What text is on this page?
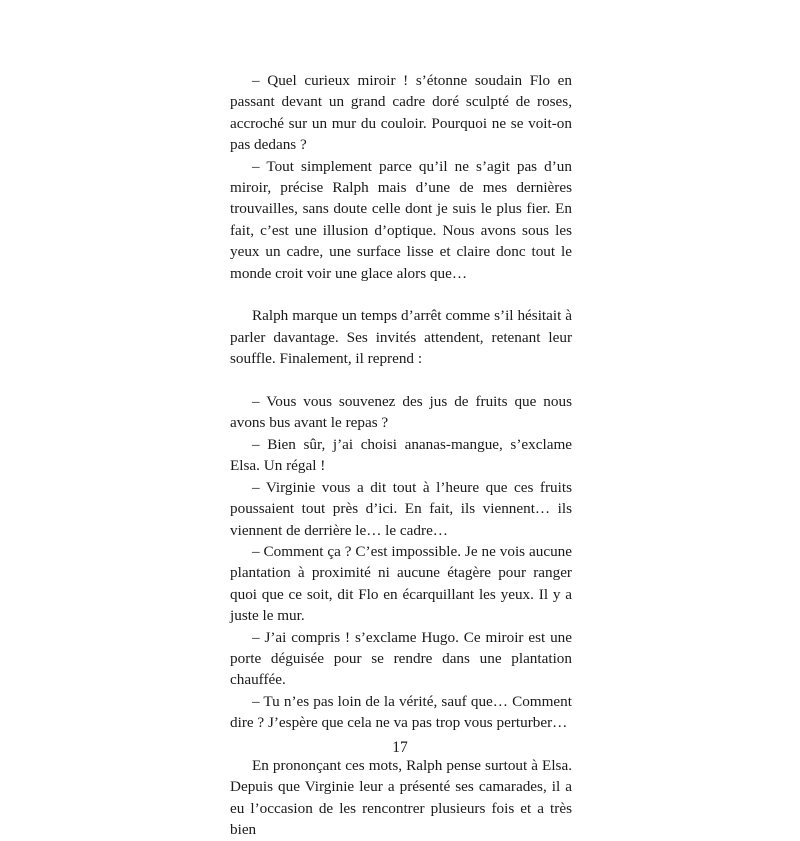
– Quel curieux miroir ! s’étonne soudain Flo en passant devant un grand cadre doré sculpté de roses, accroché sur un mur du couloir. Pourquoi ne se voit-on pas dedans ?

– Tout simplement parce qu’il ne s’agit pas d’un miroir, précise Ralph mais d’une de mes dernières trouvailles, sans doute celle dont je suis le plus fier. En fait, c’est une illusion d’optique. Nous avons sous les yeux un cadre, une surface lisse et claire donc tout le monde croit voir une glace alors que…

Ralph marque un temps d’arrêt comme s’il hésitait à parler davantage. Ses invités attendent, retenant leur souffle. Finalement, il reprend :

– Vous vous souvenez des jus de fruits que nous avons bus avant le repas ?

– Bien sûr, j’ai choisi ananas-mangue, s’exclame Elsa. Un régal !

– Virginie vous a dit tout à l’heure que ces fruits poussaient tout près d’ici. En fait, ils viennent… ils viennent de derrière le… le cadre…

– Comment ça ? C’est impossible. Je ne vois aucune plantation à proximité ni aucune étagère pour ranger quoi que ce soit, dit Flo en écarquillant les yeux. Il y a juste le mur.

– J’ai compris ! s’exclame Hugo. Ce miroir est une porte déguisée pour se rendre dans une plantation chauffée.

– Tu n’es pas loin de la vérité, sauf que… Comment dire ? J’espère que cela ne va pas trop vous perturber…

En prononçant ces mots, Ralph pense surtout à Elsa. Depuis que Virginie leur a présenté ses camarades, il a eu l’occasion de les rencontrer plusieurs fois et a très bien

17
